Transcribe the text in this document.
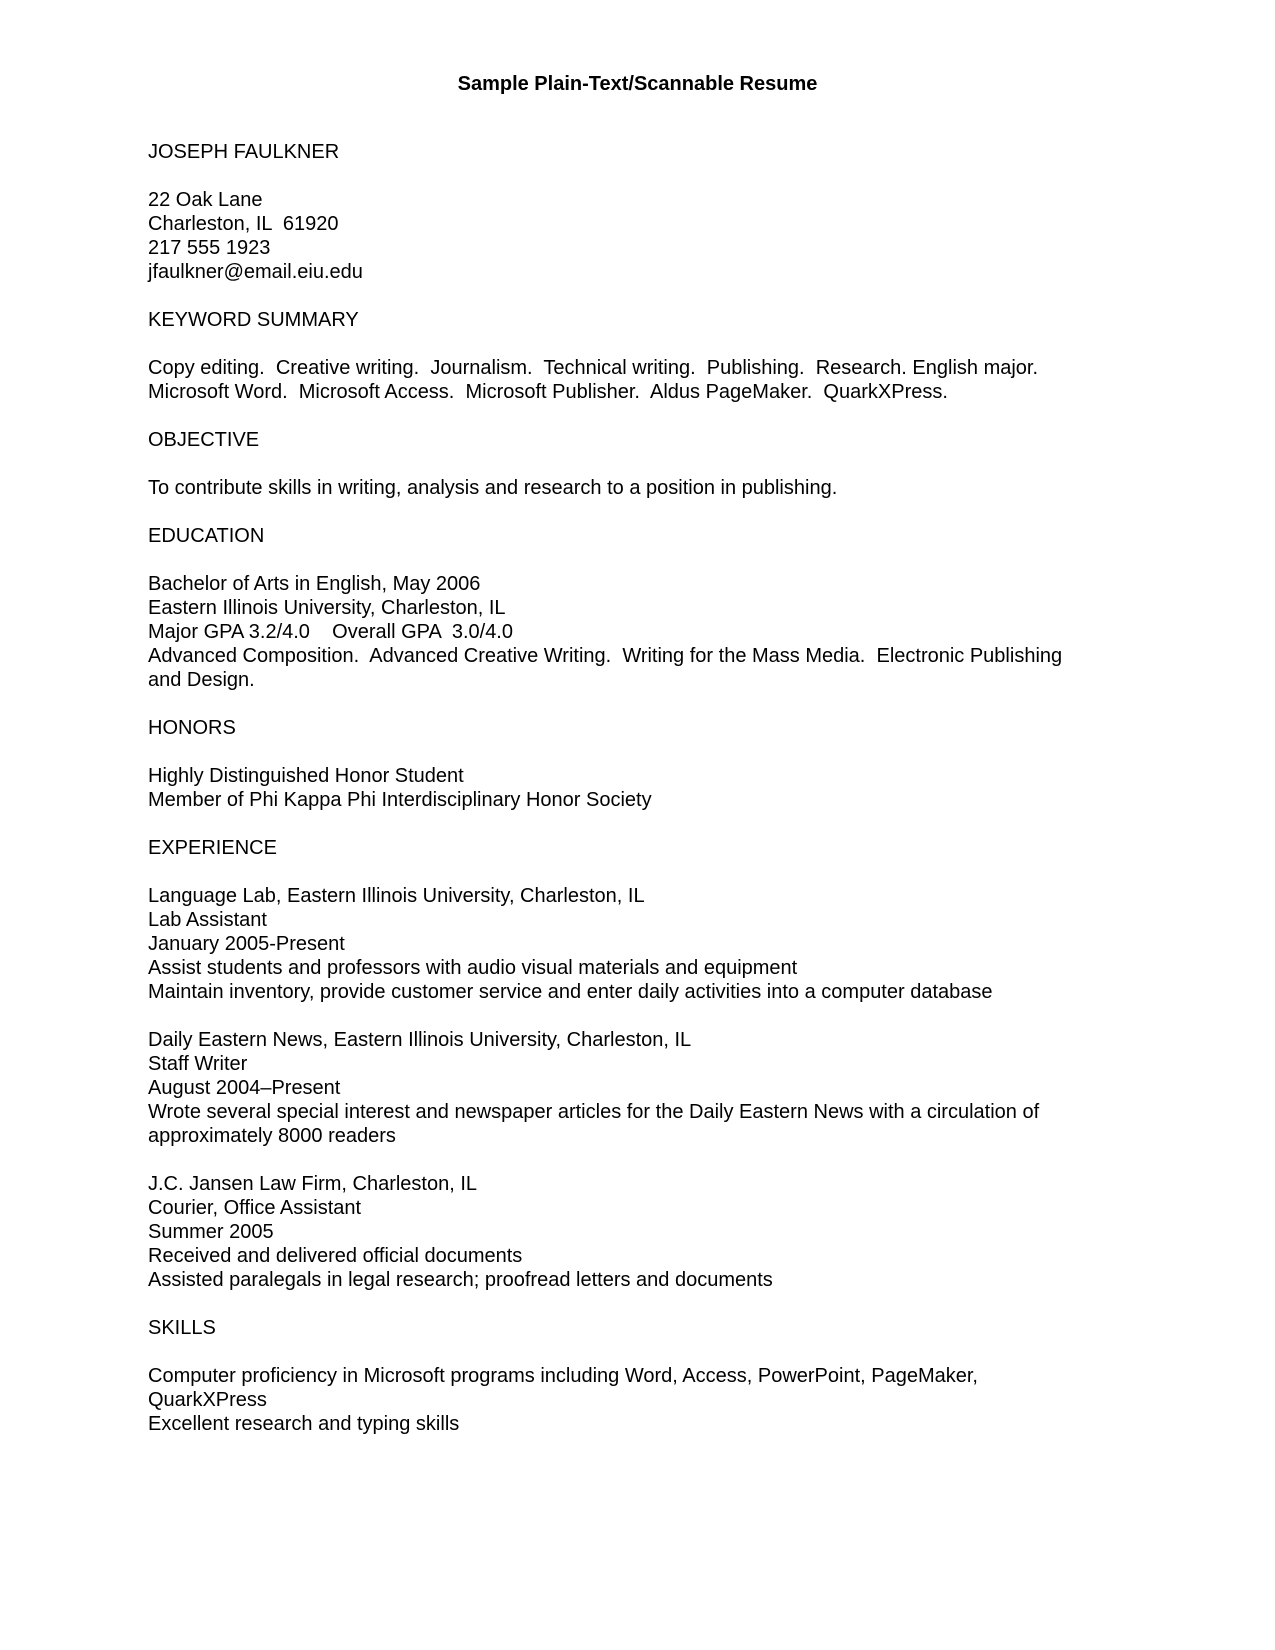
Sample Plain-Text/Scannable Resume
JOSEPH FAULKNER
22 Oak Lane
Charleston, IL  61920
217 555 1923
jfaulkner@email.eiu.edu
KEYWORD SUMMARY
Copy editing.  Creative writing.  Journalism.  Technical writing.  Publishing.  Research. English major.
Microsoft Word.  Microsoft Access.  Microsoft Publisher.  Aldus PageMaker.  QuarkXPress.
OBJECTIVE
To contribute skills in writing, analysis and research to a position in publishing.
EDUCATION
Bachelor of Arts in English, May 2006
Eastern Illinois University, Charleston, IL
Major GPA 3.2/4.0    Overall GPA  3.0/4.0
Advanced Composition.  Advanced Creative Writing.  Writing for the Mass Media.  Electronic Publishing
and Design.
HONORS
Highly Distinguished Honor Student
Member of Phi Kappa Phi Interdisciplinary Honor Society
EXPERIENCE
Language Lab, Eastern Illinois University, Charleston, IL
Lab Assistant
January 2005-Present
Assist students and professors with audio visual materials and equipment
Maintain inventory, provide customer service and enter daily activities into a computer database
Daily Eastern News, Eastern Illinois University, Charleston, IL
Staff Writer
August 2004–Present
Wrote several special interest and newspaper articles for the Daily Eastern News with a circulation of
approximately 8000 readers
J.C. Jansen Law Firm, Charleston, IL
Courier, Office Assistant
Summer 2005
Received and delivered official documents
Assisted paralegals in legal research; proofread letters and documents
SKILLS
Computer proficiency in Microsoft programs including Word, Access, PowerPoint, PageMaker,
QuarkXPress
Excellent research and typing skills
